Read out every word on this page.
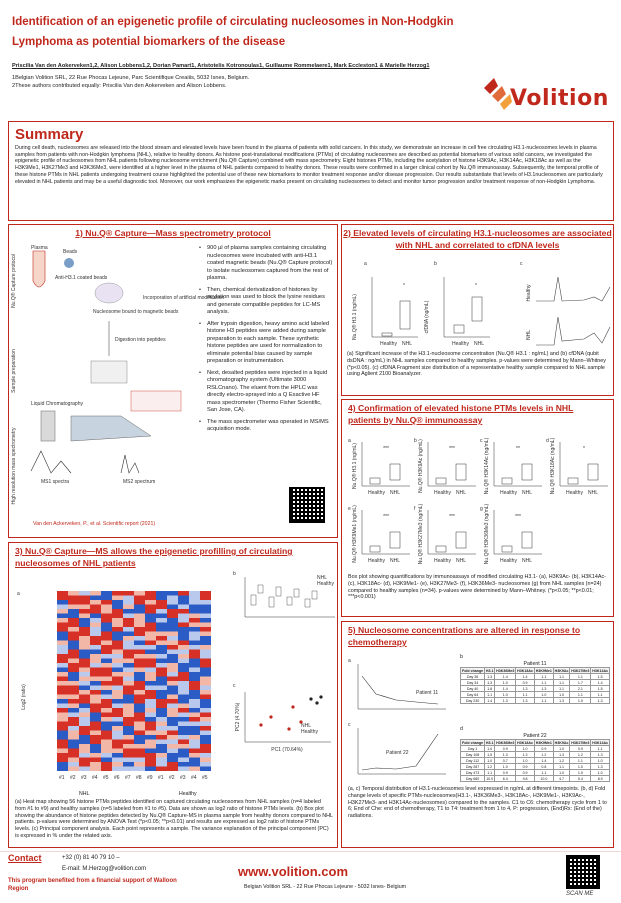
Identification of an epigenetic profile of circulating nucleosomes in Non-Hodgkin Lymphoma as potential biomarkers of the disease
Priscilia Van den Aokerveken1,2, Alison Lobbens1,2, Dorian Pamart1, Aristotelis Kotronoulas1, Guillaume Rommelaere1, Mark Eccleston1 & Marielle Herzog1
1Belgian Volition SRL, 22 Rue Phocas Lejeune, Parc Scientifique Creaiiis, 5032 Isnes, Belgium.
2These authors contributed equally: Priscilia Van den Aokerveken and Alison Lobbens.	Volition
Summary

During cell death, nucleosomes are released into the blood stream and elevated levels have been found in the plasma of patients with solid cancers. In this study, we demonstrate an increase in cell free circulating H3.1-nucleosomes levels in plasma samples from patients with non-Hodgkin lymphoma (NHL), relative to healthy donors. As histone post-translational modifications (PTMs) of circulating nucleosomes are described as potential biomarkers of various solid cancers, we investigated the epigenetic profile of nucleosomes from NHL patients following nucleosome enrichment (Nu.Q® Capture) combined with mass spectrometry. Eight histones PTMs, including the acetylation of histone H3K9Ac, H3K14Ac, H3K18Ac as well as the H3K9Me1, H3K27Me3 and H3K36Me3, were identified at a higher level in the plasma of NHL patients compared to healthy donors. These results were confirmed in a larger clinical cohort by Nu.Q® immunoassay. Subsequently, the temporal profile of these histone PTMs in NHL patients undergoing treatment course highlighted the potential use of these new biomarkers to monitor treatment response and/or disease progression. Our results substantiate that levels of H3.1nucleosomes are particularly elevated in NHL patients and may be a useful diagnostic tool. Moreover, our work emphasizes the epigenetic marks present on circulating nucleosomes to detect and monitor tumor progression and/or treatment response of non-Hodgkin Lymphoma.

1) Nu.Q® Capture—Mass spectrometry protocol
Nu.Q® Capture protocol
Sample preparation
High resolution mass spectrometry
Plasma
Beads
Anti-H3.1 coated beads
Nucleosome bound to magnetic beads
Incorporation of artificial modification
Digestion into peptides
Liquid Chromatography
MS1 spectra	MS2 spectrum
Van den Ackerveken, P., et al. Scientific report (2021)
• 900 µl of plasma samples containing circulating nucleosomes were incubated with anti-H3.1 coated magnetic beads (Nu.Q® Capture protocol) to isolate nucleosomes captured from the rest of plasma.
• Then, chemical derivatization of histones by acylation was used to block the lysine residues and generate compatible peptides for LC-MS analysis.
• After trypsin digestion, heavy amino acid labeled histone H3 peptides were added during sample preparation to each sample. These synthetic histone peptides are used for normalization to eliminate potential bias caused by sample preparation or instrumentation.
• Next, desalted peptides were injected in a liquid chromatography system (Ultimate 3000 RSLCnano). The eluent from the HPLC was directly electro-sprayed into a Q Exactive HF mass spectrometer (Thermo Fisher Scientific, San Jose, CA).
• The mass spectrometer was operated in MS/MS acquisition mode.
2) Elevated levels of circulating H3.1-nucleosomes are associated with NHL and correlated to cfDNA levels
a	b	c
Nu.Q® H3.1 (ng/mL)	cfDNA (ng/mL)
*
Healthy NHL
*
Healthy NHL
Healthy
NHL
(a) Significant increase of the H3.1-nucleosome concentration (Nu.Q® H3.1 : ng/mL) and (b) cfDNA (qubit dsDNA : ng/mL) in NHL samples compared to healthy samples. p-values were determined by Mann–Whitney (*p<0.05). (c) cfDNA Fragment size distribution of a representative healthy sample compared to NHL sample using Aglient 2100 Bioanalyzer.
4) Confirmation of elevated histone PTMs levels in NHL patients by Nu.Q® immunoassay
a
Nu.Q® H3.1 (ng/mL)	***
Healthy NHL
b Nu.Q® H3K9Ac (ng/mL)	***
Healthy NHL
c Nu.Q® H3K14Ac (ng/mL)	**
Healthy NHL
d Nu.Q® H3K18Ac (ng/mL)	*
Healthy NHL
e Nu.Q® H3K9Me1 (ng/mL)	***
Healthy NHL
f Nu.Q® H3K27Me3 (ng/mL)	***
Healthy NHL
g Nu.Q® H3K36Me3 (ng/mL)	***
Healthy NHL
Box plot showing quantifications by immunoassays of modified circulating H3.1- (a), H3K9Ac- (b), H3K14Ac- (c), H3K18Ac- (d), H3K9Me1- (e), H3K27Me3- (f), H3K36Me3- nucleosomes (g) from NHL samples (n=24) compared to healthy samples (n=34). p-values were determined by Mann–Whitney. (*p<0.05; **p<0.01; ***p<0.001)
3) Nu.Q® Capture—MS allows the epigenetic profilling of circulating nucleosomes of NHL patients
a
Log2 (ratio)
#1 #2 #3 #4 #5 #6 #7 #8 #9 #1 #2 #3 #4 #5
NHL	Healthy
b
NHL
Healthy
c
PC1 (70.64%)
PC2 (4.70%)	NHL
Healthy
(a) Heat map showing 56 histone PTMs peptides identified on captured circulating nucleosomes from NHL samples (n=4 labeled from #1 to #9) and healthy samples (n=5 labeled from #1 to #5). Data are shown as log2 ratio of histone PTMs levels. (b) Box plot showing the abundance of histone peptides detected by Nu.Q® Capture-MS in plasma sample from healthy donors compared to NHL patients. p-values were determined by ANOVA Test (*p<0.05; **p<0.01) and results are expressed as log2 ratio of histone PTMs levels. (c) Principal component analysis. Each point represents a sample. The variance explanation of the principal component (PC) is expressed in % under the related axis.
5) Nucleosome concentrations are altered in response to chemotherapy
a
Patient 11
c
Patient 22
b
Patient 11
Fold change	H3.1	H3K36Me3	H3K18Ac	H3K9Me1	H3K9Ac	H3K27Me3	H3K14Ac
Day 36	1.3	1.4	1.4	1.1	1.1	1.1	1.5
Day 34	1.3	1.0	0.9	1.1	1.1	1.7	1.4
Day 40	1.8	1.4	1.3	1.3	1.1	2.1	1.5
Day 64	1.1	1.0	1.1	1.0	1.0	1.1	1.1
Day 230	1.4	1.3	1.3	1.1	1.3	1.0	1.3
d
Patient 22
Fold change	H3.1	H3K36Me3	H3K18Ac	H3K9Me1	H3K9Ac	H3K27Me3	H3K14Ac
Day 1	1.0	0.9	1.0	0.9	1.0	0.9	1.1
Day 108	1.5	1.3	1.3	1.2	1.3	1.2	1.3
Day 112	1.0	0.7	1.0	1.4	1.2	1.1	1.0
Day 287	1.2	1.0	0.9	0.8	1.1	1.0	1.3
Day 473	1.1	0.9	0.9	1.1	1.0	1.0	1.0
Day 680	10.0	6.4	9.8	10.0	4.7	5.4	8.9
(a, c) Temporal distribution of H3.1-nucleosomes level expressed in ng/mL at different timepoints. (b, d) Fold change levels of specific PTMs-nucleosomes(H3.1-, H3K36Me3-, H3K18Ac-, H3K9Me1-, H3K9Ac-, H3K27Me3- and H3K14Ac-nucleosomes) compared to the samples. C1 to C6: chemotherapy cycle from 1 to 6; End of Che: end of chemotherapy, T1 to T4: treatment from 1 to 4, P: progression, (End)Rx: (End of the) radiations.
Contact	+32 (0) 81 40 79 10 –
E-mail: M.Herzog@volition.com
This program benefited from a financial support of Walloon Region
www.volition.com
Belgian Volition SRL - 22 Rue Phocas Lejeune - 5032 Isnes- Belgium
SCAN ME
